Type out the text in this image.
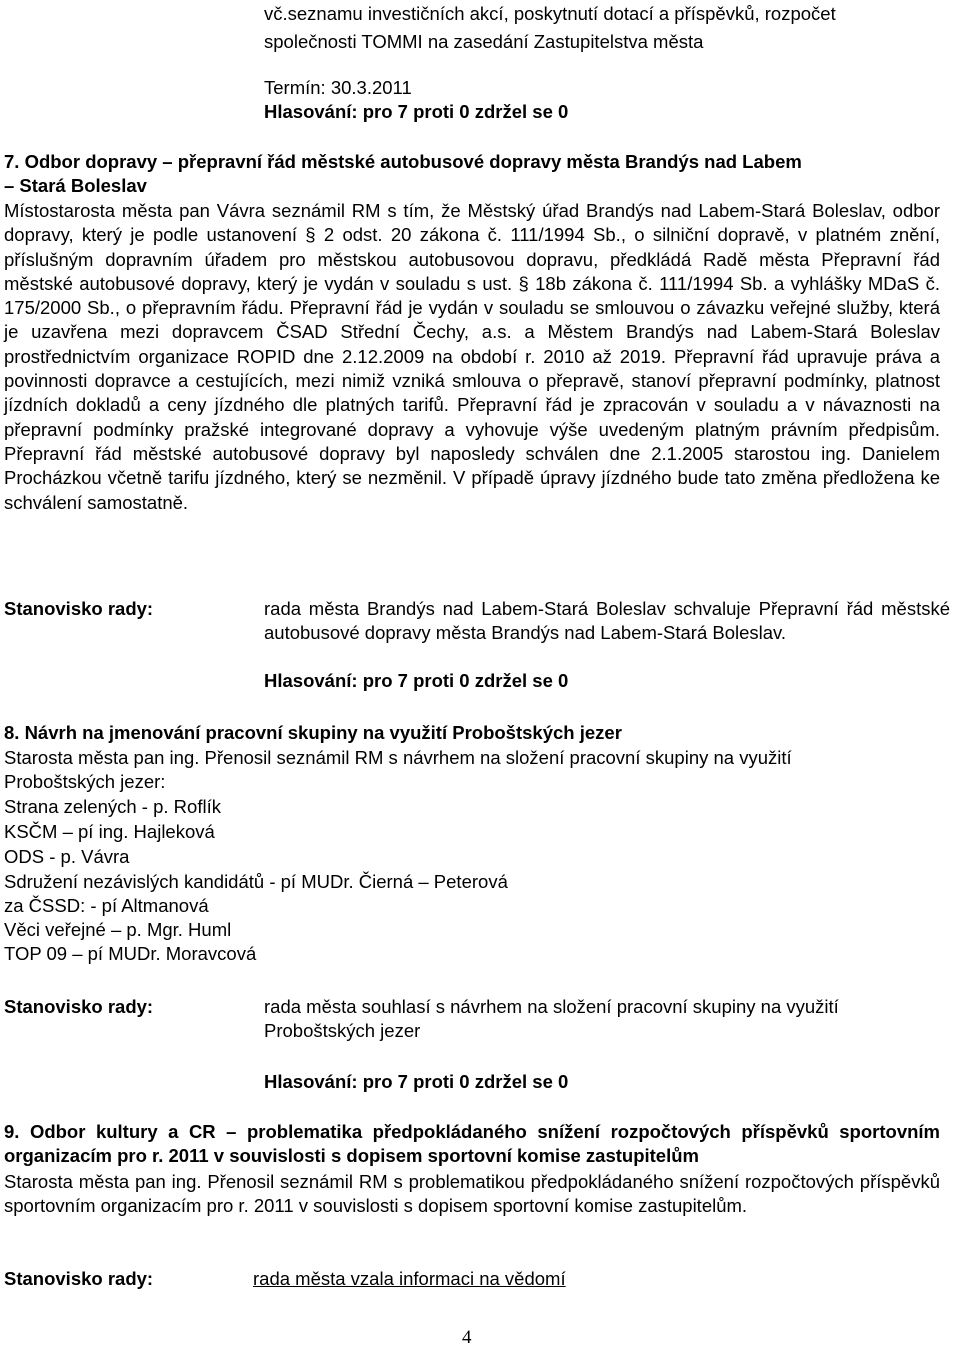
vč.seznamu investičních akcí, poskytnutí dotací a příspěvků, rozpočet
společnosti TOMMI na zasedání Zastupitelstva města
Termín: 30.3.2011
Hlasování: pro 7 proti 0 zdržel se 0
7. Odbor dopravy – přepravní řád městské autobusové dopravy města Brandýs nad Labem
– Stará Boleslav
Místostarosta města pan Vávra seznámil RM s tím, že Městský úřad Brandýs nad Labem-Stará Boleslav, odbor dopravy, který je podle ustanovení § 2 odst. 20 zákona č. 111/1994 Sb., o silniční dopravě, v platném znění, příslušným dopravním úřadem pro městskou autobusovou dopravu, předkládá Radě města Přepravní řád městské autobusové dopravy, který je vydán v souladu s ust. § 18b zákona č. 111/1994 Sb. a vyhlášky MDaS č. 175/2000 Sb., o přepravním řádu. Přepravní řád je vydán v souladu se smlouvou o závazku veřejné služby, která je uzavřena mezi dopravcem ČSAD Střední Čechy, a.s. a Městem Brandýs nad Labem-Stará Boleslav prostřednictvím organizace ROPID dne 2.12.2009 na období r. 2010 až 2019. Přepravní řád upravuje práva a povinnosti dopravce a cestujících, mezi nimiž vzniká smlouva o přepravě, stanoví přepravní podmínky, platnost jízdních dokladů a ceny jízdného dle platných tarifů. Přepravní řád je zpracován v souladu a v návaznosti na přepravní podmínky pražské integrované dopravy a vyhovuje výše uvedeným platným právním předpisům. Přepravní řád městské autobusové dopravy byl naposledy schválen dne 2.1.2005 starostou ing. Danielem Procházkou včetně tarifu jízdného, který se nezměnil. V případě úpravy jízdného bude tato změna předložena ke schválení samostatně.
Stanovisko rady:	rada města Brandýs nad Labem-Stará Boleslav schvaluje Přepravní řád městské autobusové dopravy města Brandýs nad Labem-Stará Boleslav.
Hlasování: pro 7 proti 0 zdržel se 0
8. Návrh na jmenování pracovní skupiny na využití Proboštských jezer
Starosta města pan ing. Přenosil seznámil RM s návrhem na složení pracovní skupiny na využití
Proboštských jezer:
Strana zelených - p. Roflík
KSČM – pí ing. Hajleková
ODS - p. Vávra
Sdružení nezávislých kandidátů - pí MUDr. Čierná – Peterová
za ČSSD: - pí Altmanová
Věci veřejné – p. Mgr. Huml
TOP 09 – pí MUDr. Moravcová
Stanovisko rady:	rada města souhlasí s návrhem na složení pracovní skupiny na využití Proboštských jezer
Hlasování: pro 7 proti 0 zdržel se 0
9. Odbor kultury a CR – problematika předpokládaného snížení rozpočtových příspěvků sportovním organizacím pro r. 2011 v souvislosti s dopisem sportovní komise zastupitelům
Starosta města pan ing. Přenosil seznámil RM s problematikou předpokládaného snížení rozpočtových příspěvků sportovním organizacím pro r. 2011 v souvislosti s dopisem sportovní komise zastupitelům.
Stanovisko rady:	rada města vzala informaci na vědomí
4
